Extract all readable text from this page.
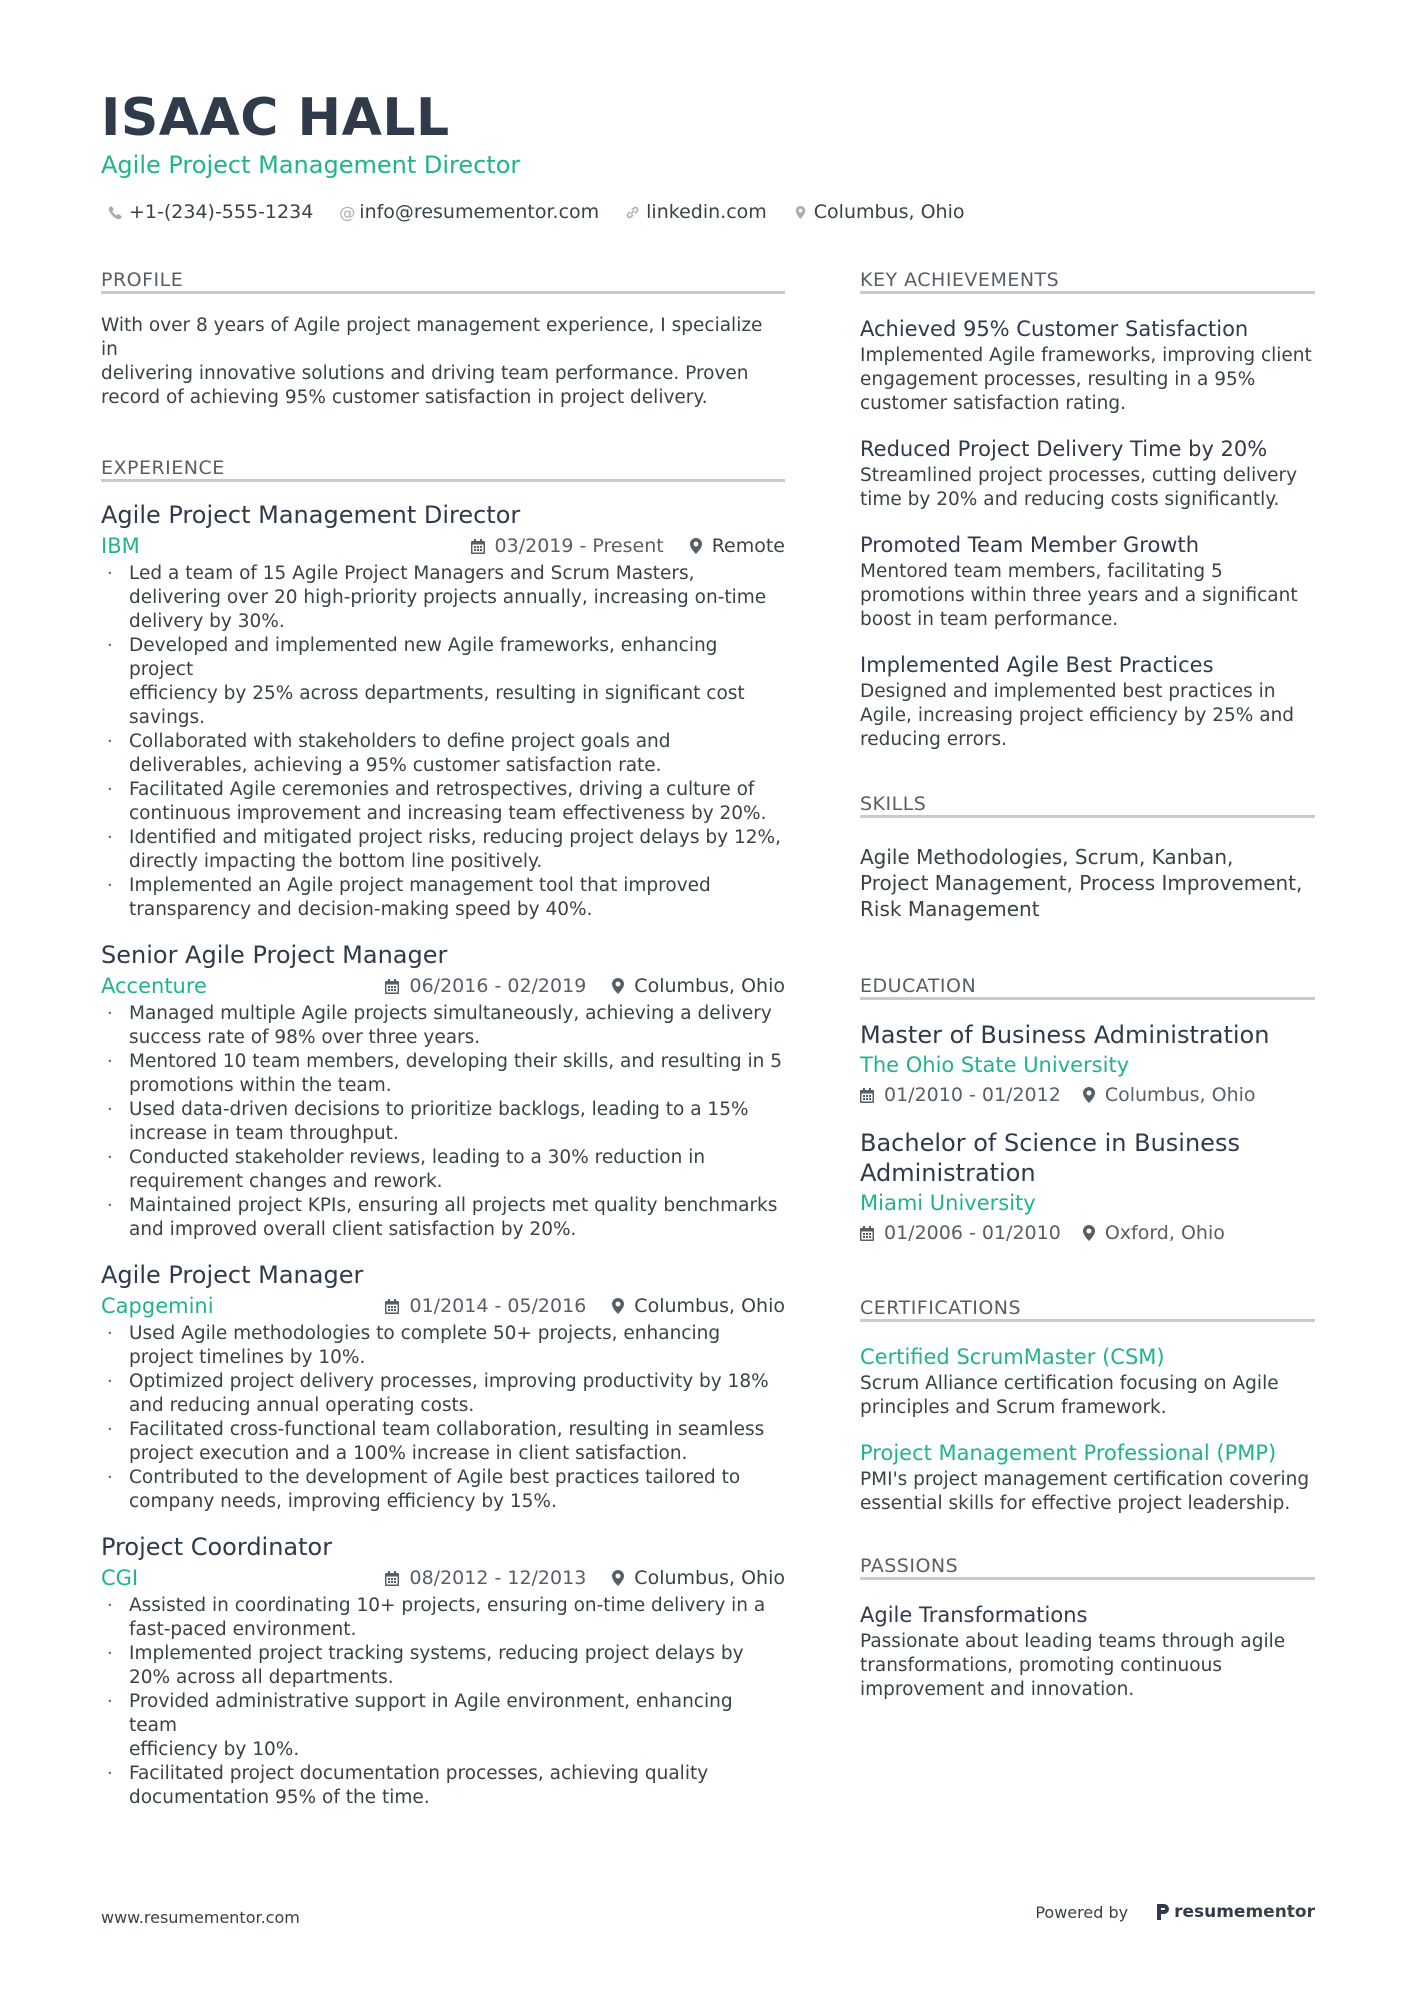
ISAAC HALL
Agile Project Management Director
+1-(234)-555-1234 @ info@resumementor.com linkedin.com Columbus, Ohio
PROFILE
With over 8 years of Agile project management experience, I specialize in
delivering innovative solutions and driving team performance. Proven
record of achieving 95% customer satisfaction in project delivery.
EXPERIENCE
Agile Project Management Director
IBM	Remote
03/2019 - Present
· Led a team of 15 Agile Project Managers and Scrum Masters,
delivering over 20 high-priority projects annually, increasing on-time
delivery by 30%.
· Developed and implemented new Agile frameworks, enhancing project
efficiency by 25% across departments, resulting in significant cost
savings.
· Collaborated with stakeholders to define project goals and
deliverables, achieving a 95% customer satisfaction rate.
· Facilitated Agile ceremonies and retrospectives, driving a culture of
continuous improvement and increasing team effectiveness by 20%.
· Identified and mitigated project risks, reducing project delays by 12%,
directly impacting the bottom line positively.
· Implemented an Agile project management tool that improved
transparency and decision-making speed by 40%.
Senior Agile Project Manager
Accenture	Columbus, Ohio
06/2016 - 02/2019
· Managed multiple Agile projects simultaneously, achieving a delivery
success rate of 98% over three years.
· Mentored 10 team members, developing their skills, and resulting in 5
promotions within the team.
· Used data-driven decisions to prioritize backlogs, leading to a 15%
increase in team throughput.
· Conducted stakeholder reviews, leading to a 30% reduction in
requirement changes and rework.
· Maintained project KPIs, ensuring all projects met quality benchmarks
and improved overall client satisfaction by 20%.
Agile Project Manager
Capgemini	Columbus, Ohio
01/2014 - 05/2016
· Used Agile methodologies to complete 50+ projects, enhancing
project timelines by 10%.
· Optimized project delivery processes, improving productivity by 18%
and reducing annual operating costs.
· Facilitated cross-functional team collaboration, resulting in seamless
project execution and a 100% increase in client satisfaction.
· Contributed to the development of Agile best practices tailored to
company needs, improving efficiency by 15%.
Project Coordinator
CGI	Columbus, Ohio
08/2012 - 12/2013
· Assisted in coordinating 10+ projects, ensuring on-time delivery in a
fast-paced environment.
· Implemented project tracking systems, reducing project delays by
20% across all departments.
· Provided administrative support in Agile environment, enhancing team
efficiency by 10%.
· Facilitated project documentation processes, achieving quality
documentation 95% of the time.
KEY ACHIEVEMENTS
Achieved 95% Customer Satisfaction
Implemented Agile frameworks, improving client
engagement processes, resulting in a 95%
customer satisfaction rating.
Reduced Project Delivery Time by 20%
Streamlined project processes, cutting delivery
time by 20% and reducing costs significantly.
Promoted Team Member Growth
Mentored team members, facilitating 5
promotions within three years and a significant
boost in team performance.
Implemented Agile Best Practices
Designed and implemented best practices in
Agile, increasing project efficiency by 25% and
reducing errors.
SKILLS
Agile Methodologies, Scrum, Kanban,
Project Management, Process Improvement,
Risk Management
EDUCATION
Master of Business Administration
The Ohio State University
01/2010 - 01/2012 Columbus, Ohio
Bachelor of Science in Business
Administration
Miami University
01/2006 - 01/2010 Oxford, Ohio
CERTIFICATIONS
Certified ScrumMaster (CSM)
Scrum Alliance certification focusing on Agile
principles and Scrum framework.
Project Management Professional (PMP)
PMI's project management certification covering
essential skills for effective project leadership.
PASSIONS
Agile Transformations
Passionate about leading teams through agile
transformations, promoting continuous
improvement and innovation.
www.resumementor.com	Powered by	resume mentor
